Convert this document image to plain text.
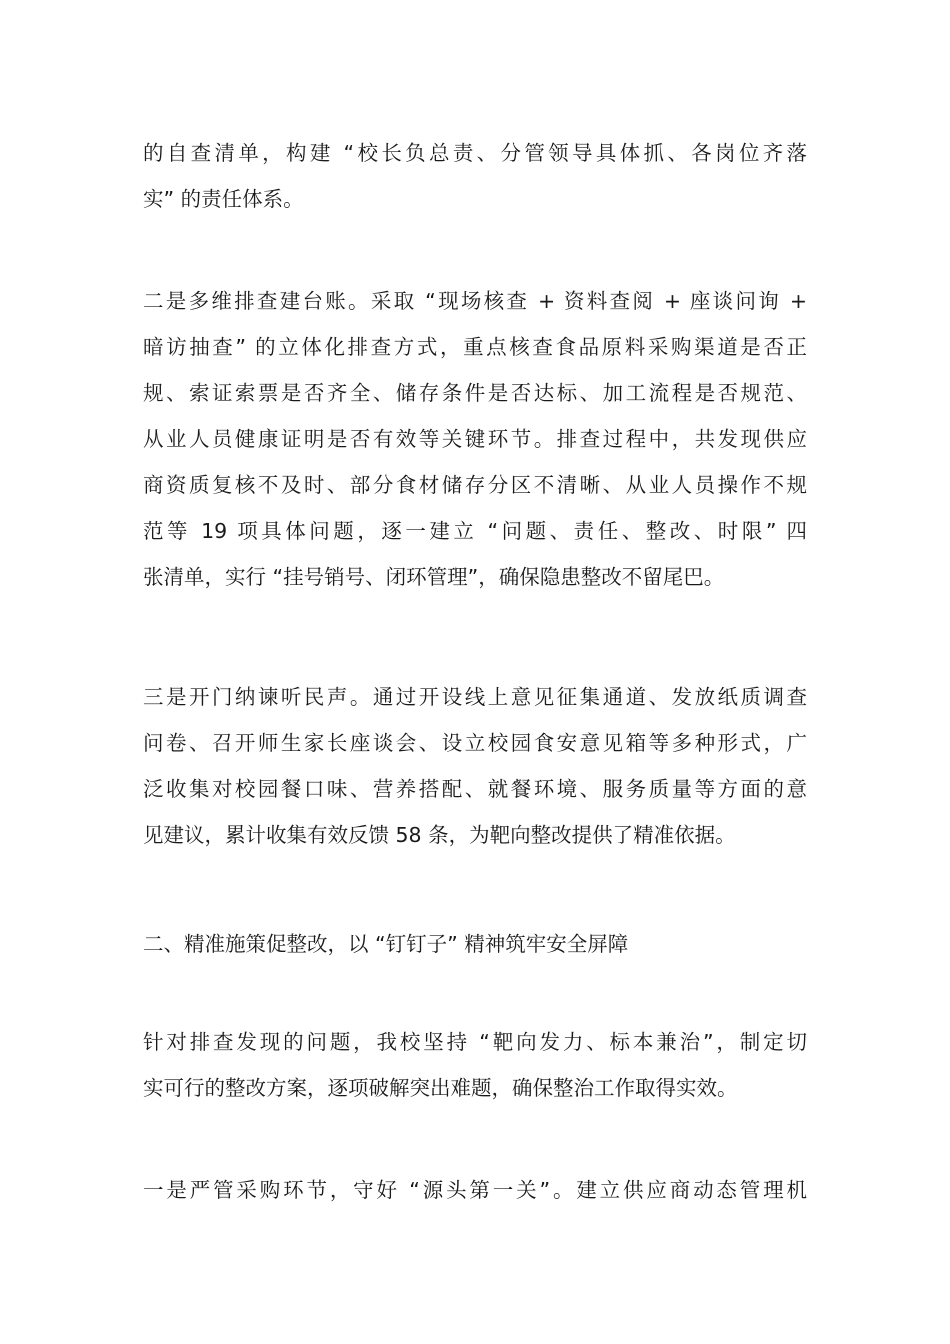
的自查清单，构建 “校长负总责、分管领导具体抓、各岗位齐落
实” 的责任体系。
二是多维排查建台账。采取 “现场核查 + 资料查阅 + 座谈问询 +
暗访抽查” 的立体化排查方式，重点核查食品原料采购渠道是否正
规、索证索票是否齐全、储存条件是否达标、加工流程是否规范、
从业人员健康证明是否有效等关键环节。排查过程中，共发现供应
商资质复核不及时、部分食材储存分区不清晰、从业人员操作不规
范等 19 项具体问题，逐一建立 “问题、责任、整改、时限” 四
张清单，实行 “挂号销号、闭环管理”，确保隐患整改不留尾巴。
三是开门纳谏听民声。通过开设线上意见征集通道、发放纸质调查
问卷、召开师生家长座谈会、设立校园食安意见箱等多种形式，广
泛收集对校园餐口味、营养搭配、就餐环境、服务质量等方面的意
见建议，累计收集有效反馈 58 条，为靶向整改提供了精准依据。
二、精准施策促整改，以 “钉钉子” 精神筑牢安全屏障
针对排查发现的问题，我校坚持 “靶向发力、标本兼治”，制定切
实可行的整改方案，逐项破解突出难题，确保整治工作取得实效。
一是严管采购环节，守好 “源头第一关”。建立供应商动态管理机
